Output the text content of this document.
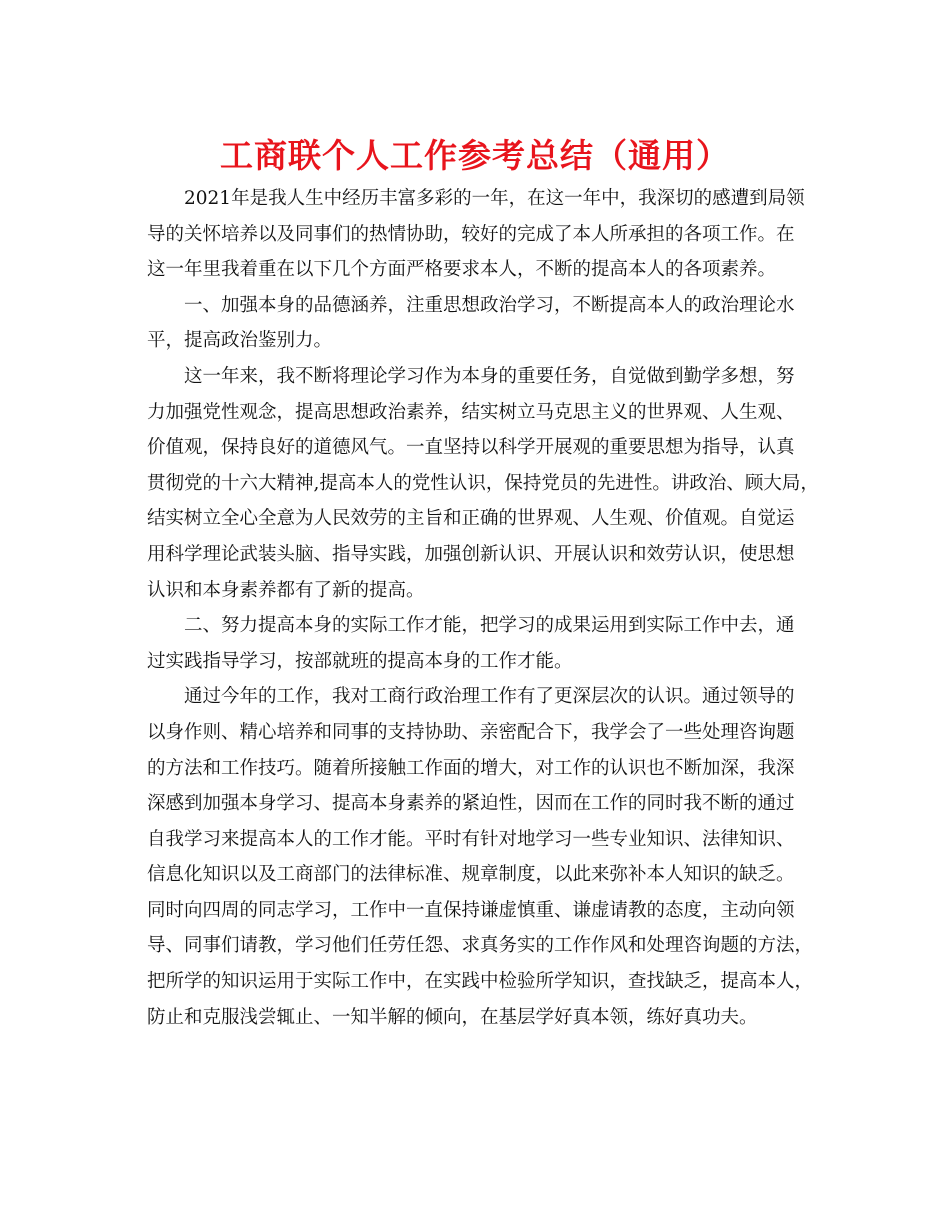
工商联个人工作参考总结（通用）
2021年是我人生中经历丰富多彩的一年，在这一年中，我深切的感遭到局领
导的关怀培养以及同事们的热情协助，较好的完成了本人所承担的各项工作。在
这一年里我着重在以下几个方面严格要求本人，不断的提高本人的各项素养。
一、加强本身的品德涵养，注重思想政治学习，不断提高本人的政治理论水
平，提高政治鉴别力。
这一年来，我不断将理论学习作为本身的重要任务，自觉做到勤学多想，努
力加强党性观念，提高思想政治素养，结实树立马克思主义的世界观、人生观、
价值观，保持良好的道德风气。一直坚持以科学开展观的重要思想为指导，认真
贯彻党的十六大精神,提高本人的党性认识，保持党员的先进性。讲政治、顾大局，
结实树立全心全意为人民效劳的主旨和正确的世界观、人生观、价值观。自觉运
用科学理论武装头脑、指导实践，加强创新认识、开展认识和效劳认识，使思想
认识和本身素养都有了新的提高。
二、努力提高本身的实际工作才能，把学习的成果运用到实际工作中去，通
过实践指导学习，按部就班的提高本身的工作才能。
通过今年的工作，我对工商行政治理工作有了更深层次的认识。通过领导的
以身作则、精心培养和同事的支持协助、亲密配合下，我学会了一些处理咨询题
的方法和工作技巧。随着所接触工作面的增大，对工作的认识也不断加深，我深
深感到加强本身学习、提高本身素养的紧迫性，因而在工作的同时我不断的通过
自我学习来提高本人的工作才能。平时有针对地学习一些专业知识、法律知识、
信息化知识以及工商部门的法律标准、规章制度，以此来弥补本人知识的缺乏。
同时向四周的同志学习，工作中一直保持谦虚慎重、谦虚请教的态度，主动向领
导、同事们请教，学习他们任劳任怨、求真务实的工作作风和处理咨询题的方法，
把所学的知识运用于实际工作中，在实践中检验所学知识，查找缺乏，提高本人，
防止和克服浅尝辄止、一知半解的倾向，在基层学好真本领，练好真功夫。
